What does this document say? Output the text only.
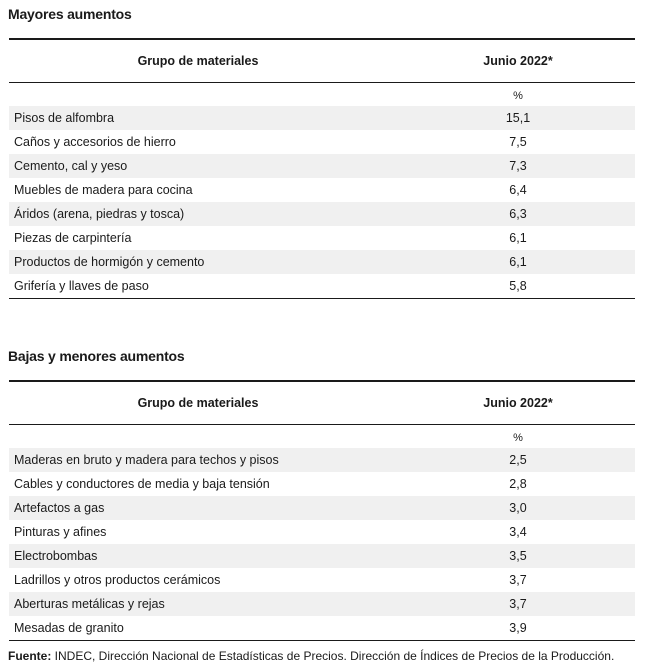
Mayores aumentos
Grupo de materiales	Junio 2022*
%
Pisos de alfombra	15,1
Caños y accesorios de hierro	7,5
Cemento, cal y yeso	7,3
Muebles de madera para cocina	6,4
Áridos (arena, piedras y tosca)	6,3
Piezas de carpintería	6,1
Productos de hormigón y cemento	6,1
Grifería y llaves de paso	5,8
Bajas y menores aumentos
Grupo de materiales	Junio 2022*
%
Maderas en bruto y madera para techos y pisos	2,5
Cables y conductores de media y baja tensión	2,8
Artefactos a gas	3,0
Pinturas y afines	3,4
Electrobombas	3,5
Ladrillos y otros productos cerámicos	3,7
Aberturas metálicas y rejas	3,7
Mesadas de granito	3,9
Fuente: INDEC, Dirección Nacional de Estadísticas de Precios. Dirección de Índices de Precios de la Producción.
